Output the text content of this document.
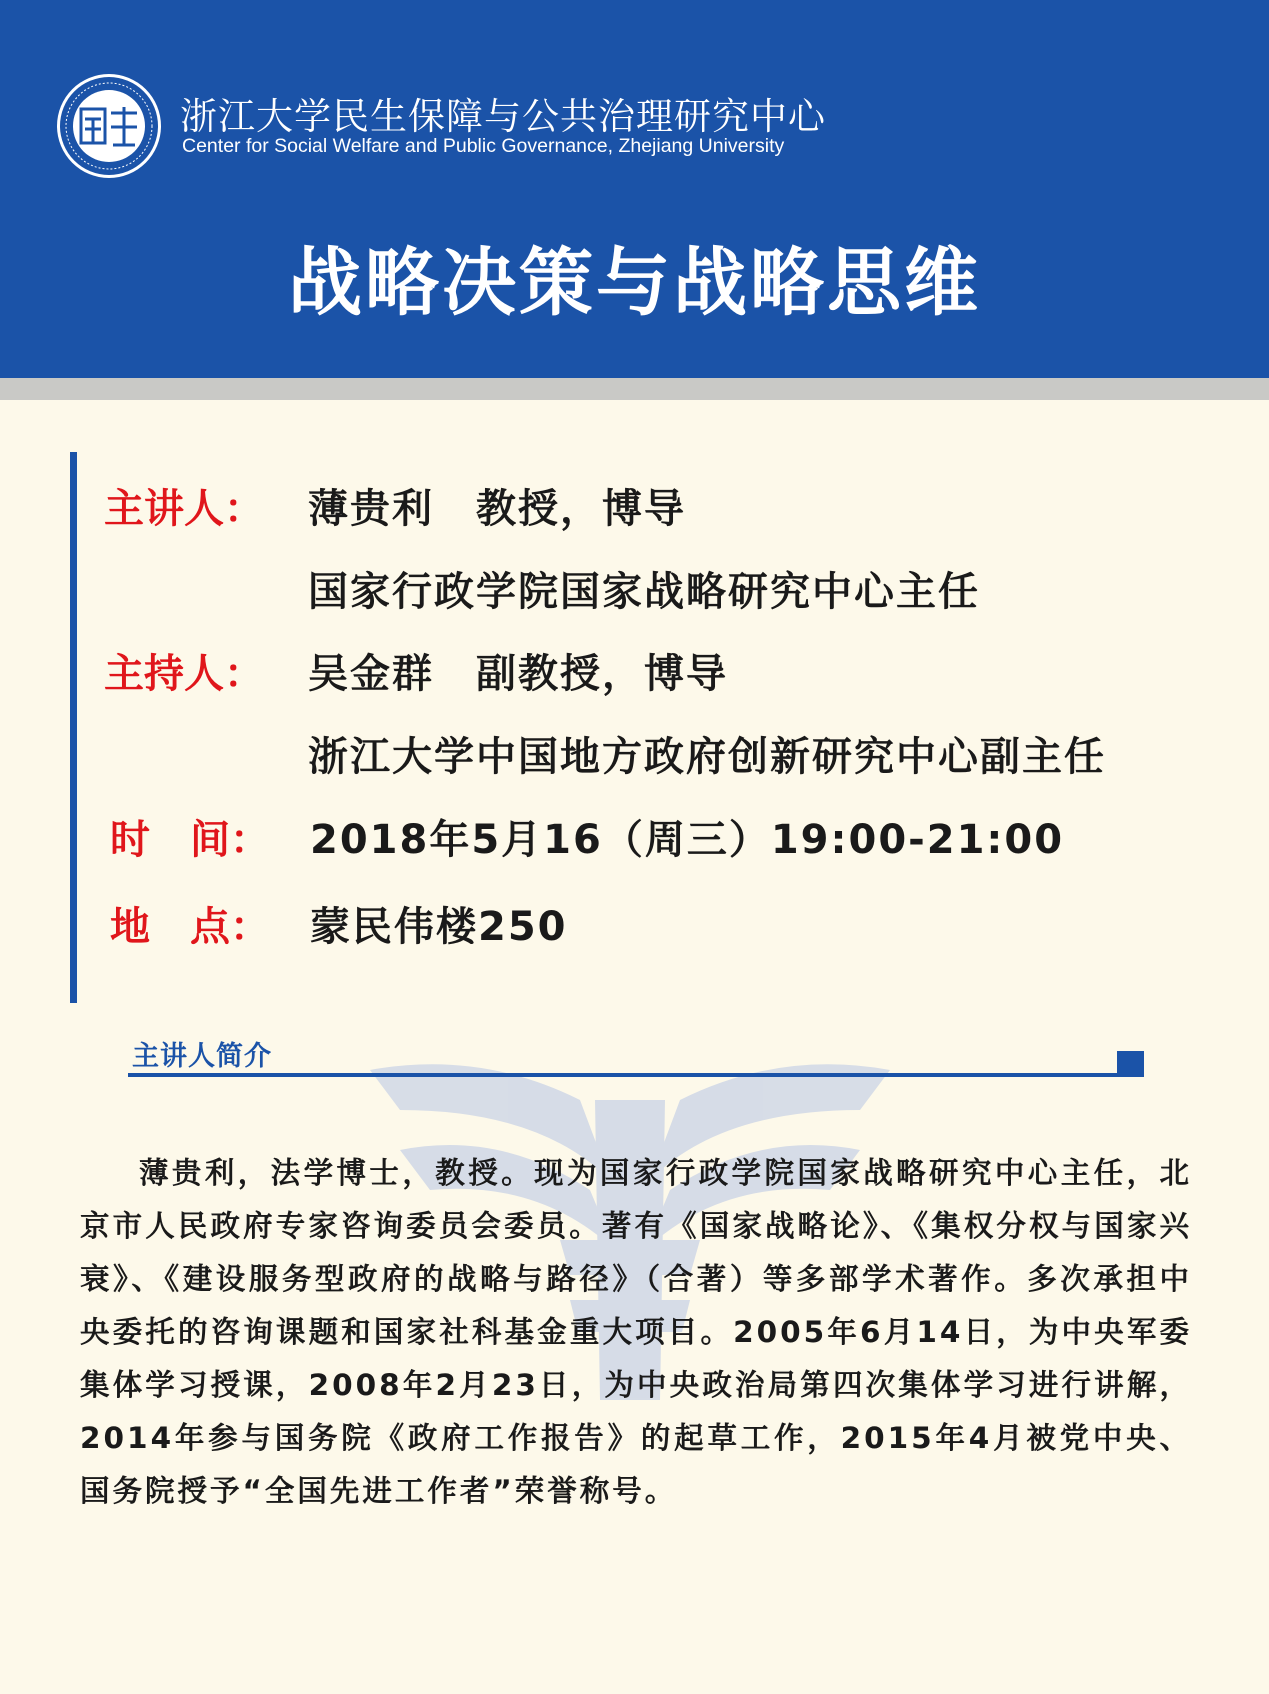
浙江大学民生保障与公共治理研究中心
Center for Social Welfare and Public Governance, Zhejiang University
战略决策与战略思维
主讲人： 薄贵利　教授，博导
国家行政学院国家战略研究中心主任
主持人： 吴金群　副教授，博导
浙江大学中国地方政府创新研究中心副主任
时　间： 2018年5月16（周三）19:00-21:00
地　点： 蒙民伟楼250
主讲人简介
薄贵利，法学博士，教授。现为国家行政学院国家战略研究中心主任，北京市人民政府专家咨询委员会委员。著有《国家战略论》、《集权分权与国家兴衰》、《建设服务型政府的战略与路径》（合著）等多部学术著作。多次承担中央委托的咨询课题和国家社科基金重大项目。2005年6月14日，为中央军委集体学习授课，2008年2月23日，为中央政治局第四次集体学习进行讲解，2014年参与国务院《政府工作报告》的起草工作，2015年4月被党中央、国务院授予“全国先进工作者”荣誉称号。
